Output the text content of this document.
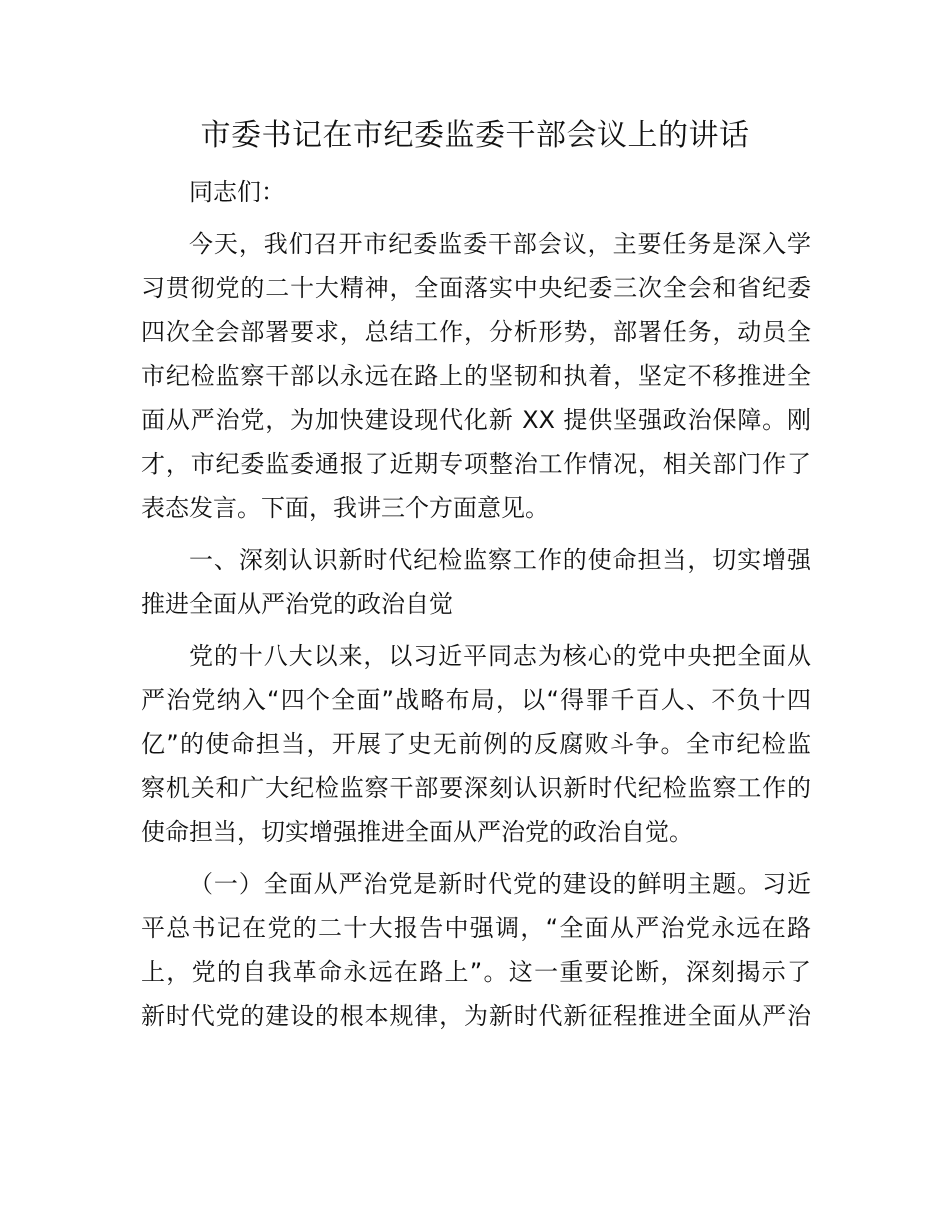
市委书记在市纪委监委干部会议上的讲话

同志们：

今天，我们召开市纪委监委干部会议，主要任务是深入学

习贯彻党的二十大精神，全面落实中央纪委三次全会和省纪委

四次全会部署要求，总结工作，分析形势，部署任务，动员全

市纪检监察干部以永远在路上的坚韧和执着，坚定不移推进全

面从严治党，为加快建设现代化新 XX 提供坚强政治保障。刚

才，市纪委监委通报了近期专项整治工作情况，相关部门作了

表态发言。下面，我讲三个方面意见。

一、深刻认识新时代纪检监察工作的使命担当，切实增强

推进全面从严治党的政治自觉

党的十八大以来，以习近平同志为核心的党中央把全面从

严治党纳入“四个全面”战略布局，以“得罪千百人、不负十四

亿”的使命担当，开展了史无前例的反腐败斗争。全市纪检监

察机关和广大纪检监察干部要深刻认识新时代纪检监察工作的

使命担当，切实增强推进全面从严治党的政治自觉。

（一）全面从严治党是新时代党的建设的鲜明主题。习近

平总书记在党的二十大报告中强调，“全面从严治党永远在路

上，党的自我革命永远在路上”。这一重要论断，深刻揭示了

新时代党的建设的根本规律，为新时代新征程推进全面从严治
